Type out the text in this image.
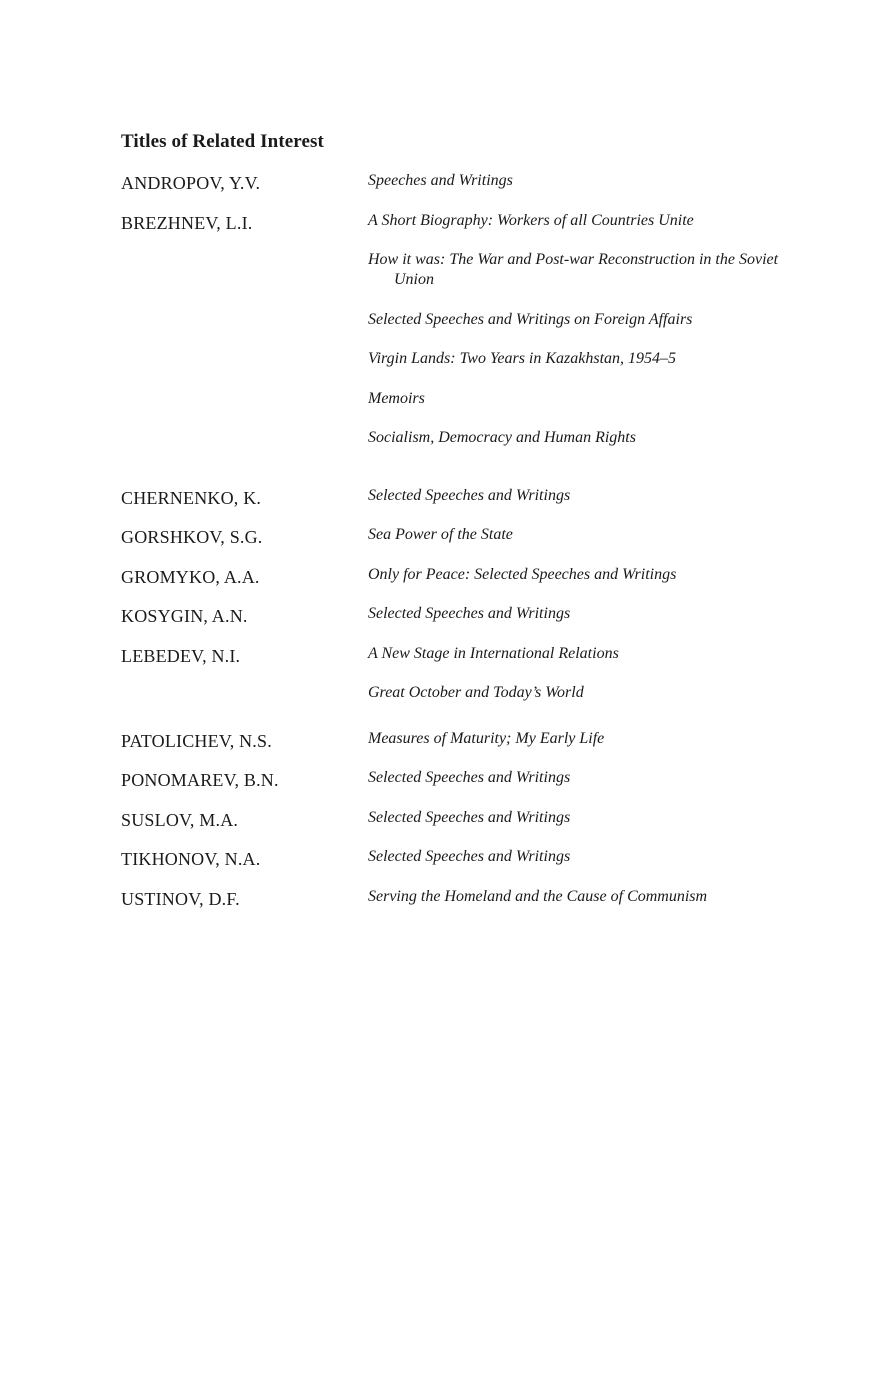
Titles of Related Interest
ANDROPOV, Y.V.	Speeches and Writings
BREZHNEV, L.I.	A Short Biography: Workers of all Countries Unite
How it was: The War and Post-war Reconstruction in the Soviet Union
Selected Speeches and Writings on Foreign Affairs
Virgin Lands: Two Years in Kazakhstan, 1954–5
Memoirs
Socialism, Democracy and Human Rights
CHERNENKO, K.	Selected Speeches and Writings
GORSHKOV, S.G.	Sea Power of the State
GROMYKO, A.A.	Only for Peace: Selected Speeches and Writings
KOSYGIN, A.N.	Selected Speeches and Writings
LEBEDEV, N.I.	A New Stage in International Relations
Great October and Today’s World
PATOLICHEV, N.S.	Measures of Maturity; My Early Life
PONOMAREV, B.N.	Selected Speeches and Writings
SUSLOV, M.A.	Selected Speeches and Writings
TIKHONOV, N.A.	Selected Speeches and Writings
USTINOV, D.F.	Serving the Homeland and the Cause of Communism
